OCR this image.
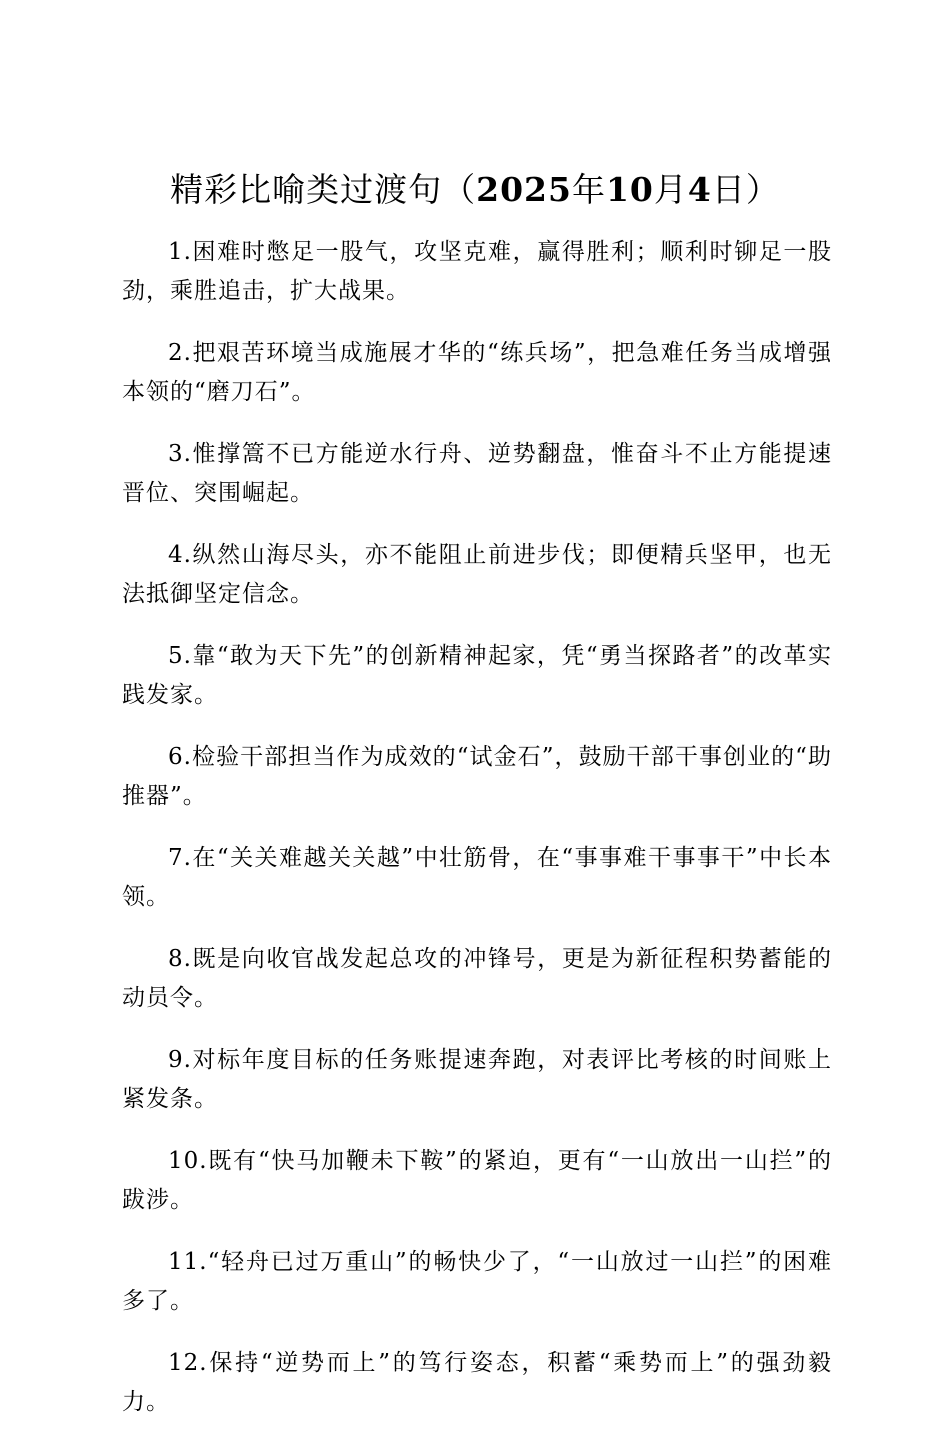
精彩比喻类过渡句（2025年10月4日）

1.困难时憋足一股气，攻坚克难，赢得胜利；顺利时铆足一股劲，乘胜追击，扩大战果。

2.把艰苦环境当成施展才华的“练兵场”，把急难任务当成增强本领的“磨刀石”。

3.惟撑篙不已方能逆水行舟、逆势翻盘，惟奋斗不止方能提速晋位、突围崛起。

4.纵然山海尽头，亦不能阻止前进步伐；即便精兵坚甲，也无法抵御坚定信念。

5.靠“敢为天下先”的创新精神起家，凭“勇当探路者”的改革实践发家。

6.检验干部担当作为成效的“试金石”，鼓励干部干事创业的“助推器”。

7.在“关关难越关关越”中壮筋骨，在“事事难干事事干”中长本领。

8.既是向收官战发起总攻的冲锋号，更是为新征程积势蓄能的动员令。

9.对标年度目标的任务账提速奔跑，对表评比考核的时间账上紧发条。

10.既有“快马加鞭未下鞍”的紧迫，更有“一山放出一山拦”的跋涉。

11.“轻舟已过万重山”的畅快少了，“一山放过一山拦”的困难多了。

12.保持“逆势而上”的笃行姿态，积蓄“乘势而上”的强劲毅力。
